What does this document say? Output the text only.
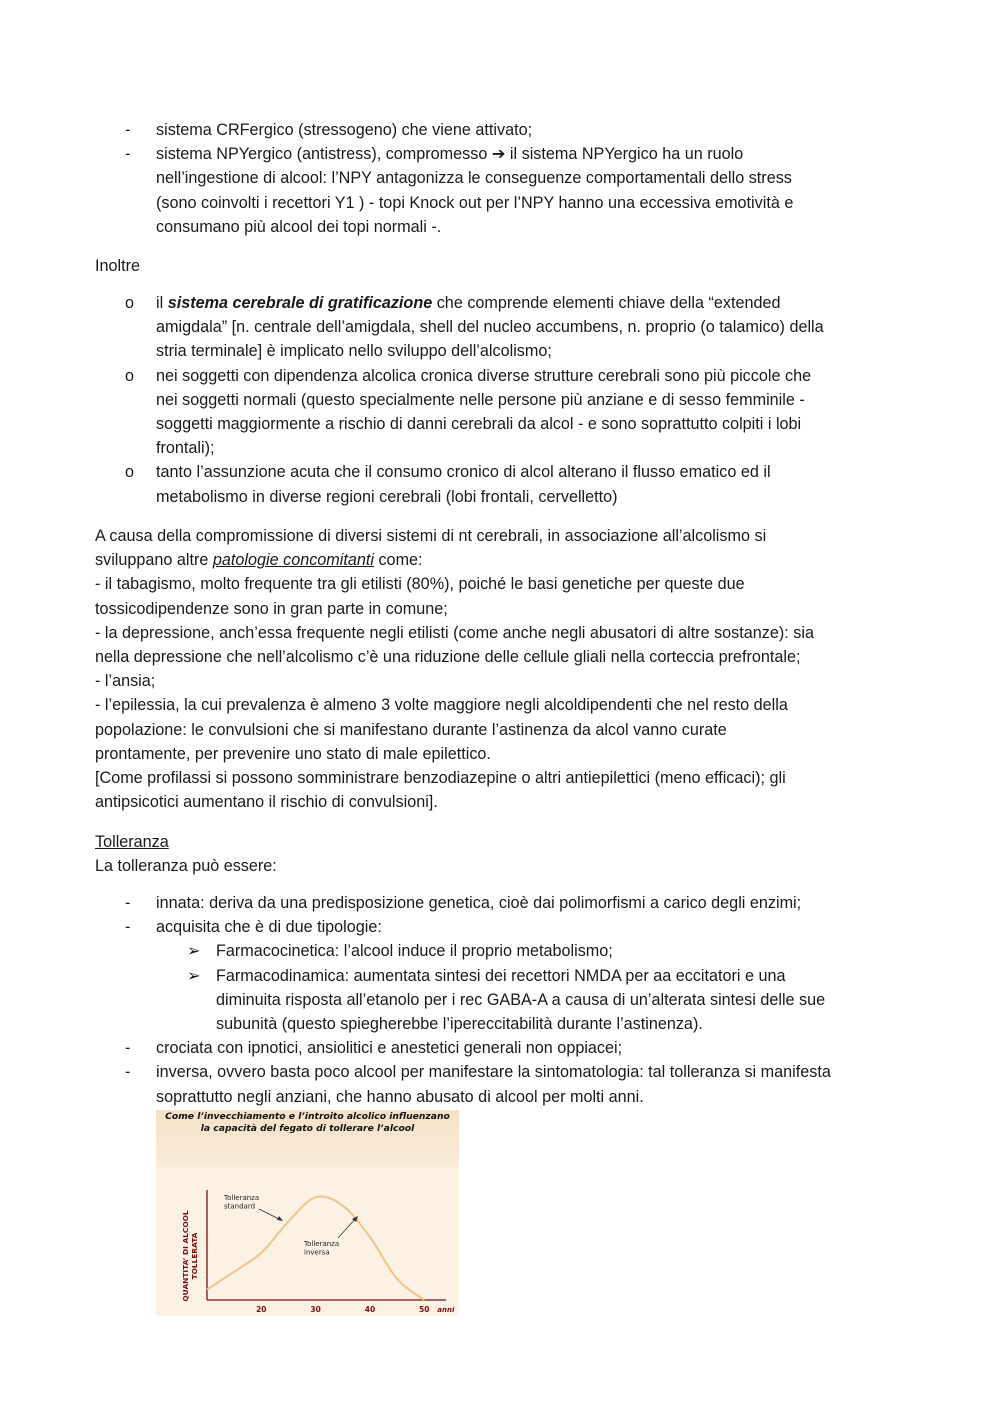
- sistema CRFergico (stressogeno) che viene attivato;
- sistema NPYergico (antistress), compromesso ➔ il sistema NPYergico ha un ruolo
nell’ingestione di alcool: l’NPY antagonizza le conseguenze comportamentali dello stress
(sono coinvolti i recettori Y1 ) - topi Knock out per l’NPY hanno una eccessiva emotività e
consumano più alcool dei topi normali -.
Inoltre
o il sistema cerebrale di gratificazione che comprende elementi chiave della “extended
amigdala” [n. centrale dell’amigdala, shell del nucleo accumbens, n. proprio (o talamico) della
stria terminale] è implicato nello sviluppo dell’alcolismo;
o nei soggetti con dipendenza alcolica cronica diverse strutture cerebrali sono più piccole che
nei soggetti normali (questo specialmente nelle persone più anziane e di sesso femminile -
soggetti maggiormente a rischio di danni cerebrali da alcol - e sono soprattutto colpiti i lobi
frontali);
o tanto l’assunzione acuta che il consumo cronico di alcol alterano il flusso ematico ed il
metabolismo in diverse regioni cerebrali (lobi frontali, cervelletto)
A causa della compromissione di diversi sistemi di nt cerebrali, in associazione all’alcolismo si
sviluppano altre patologie concomitanti come:
- il tabagismo, molto frequente tra gli etilisti (80%), poiché le basi genetiche per queste due
tossicodipendenze sono in gran parte in comune;
- la depressione, anch’essa frequente negli etilisti (come anche negli abusatori di altre sostanze): sia
nella depressione che nell’alcolismo c’è una riduzione delle cellule gliali nella corteccia prefrontale;
- l’ansia;
- l’epilessia, la cui prevalenza è almeno 3 volte maggiore negli alcoldipendenti che nel resto della
popolazione: le convulsioni che si manifestano durante l’astinenza da alcol vanno curate
prontamente, per prevenire uno stato di male epilettico.
[Come profilassi si possono somministrare benzodiazepine o altri antiepilettici (meno efficaci); gli
antipsicotici aumentano il rischio di convulsioni].
Tolleranza
La tolleranza può essere:
- innata: deriva da una predisposizione genetica, cioè dai polimorfismi a carico degli enzimi;
- acquisita che è di due tipologie:
➢ Farmacocinetica: l’alcool induce il proprio metabolismo;
➢ Farmacodinamica: aumentata sintesi dei recettori NMDA per aa eccitatori e una
diminuita risposta all’etanolo per i rec GABA-A a causa di un’alterata sintesi delle sue
subunità (questo spiegherebbe l’ipereccitabilità durante l’astinenza).
- crociata con ipnotici, ansiolitici e anestetici generali non oppiacei;
- inversa, ovvero basta poco alcool per manifestare la sintomatologia: tal tolleranza si manifesta
soprattutto negli anziani, che hanno abusato di alcool per molti anni.
Come l’invecchiamento e l’introito alcolico influenzano
la capacità del fegato di tollerare l’alcool
QUANTITA’ DI ALCOOL TOLLERATA
20	30	40	50 anni
Tolleranza standard
Tolleranza inversa
